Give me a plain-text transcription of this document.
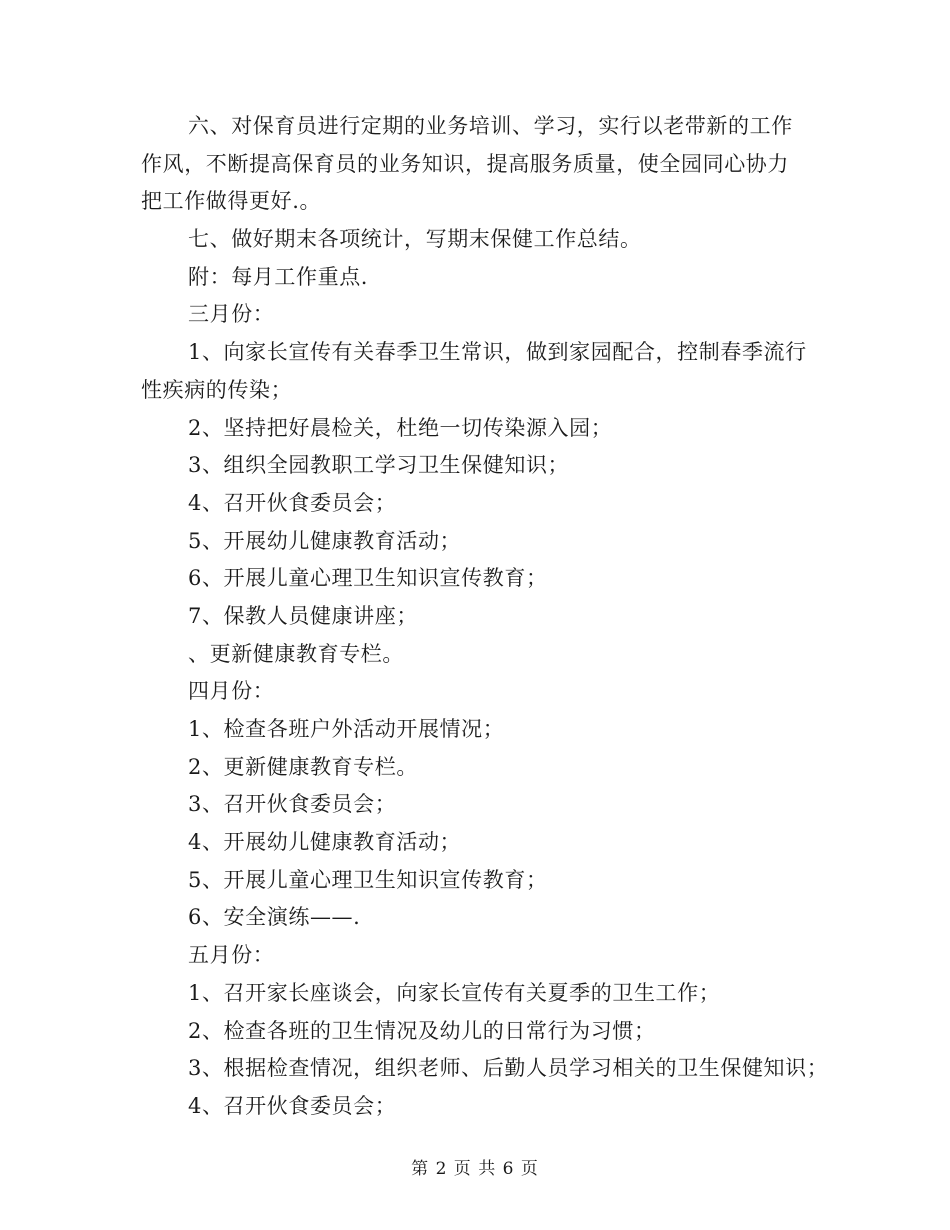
六、对保育员进行定期的业务培训、学习，实行以老带新的工作
作风，不断提高保育员的业务知识，提高服务质量，使全园同心协力
把工作做得更好.。
七、做好期末各项统计，写期末保健工作总结。
附：每月工作重点.
三月份：
1、向家长宣传有关春季卫生常识，做到家园配合，控制春季流行
性疾病的传染；
2、坚持把好晨检关，杜绝一切传染源入园；
3、组织全园教职工学习卫生保健知识；
4、召开伙食委员会；
5、开展幼儿健康教育活动；
6、开展儿童心理卫生知识宣传教育；
7、保教人员健康讲座；
、更新健康教育专栏。
四月份：
1、检查各班户外活动开展情况；
2、更新健康教育专栏。
3、召开伙食委员会；
4、开展幼儿健康教育活动；
5、开展儿童心理卫生知识宣传教育；
6、安全演练——.
五月份：
1、召开家长座谈会，向家长宣传有关夏季的卫生工作；
2、检查各班的卫生情况及幼儿的日常行为习惯；
3、根据检查情况，组织老师、后勤人员学习相关的卫生保健知识；
4、召开伙食委员会；
第 2 页 共 6 页
